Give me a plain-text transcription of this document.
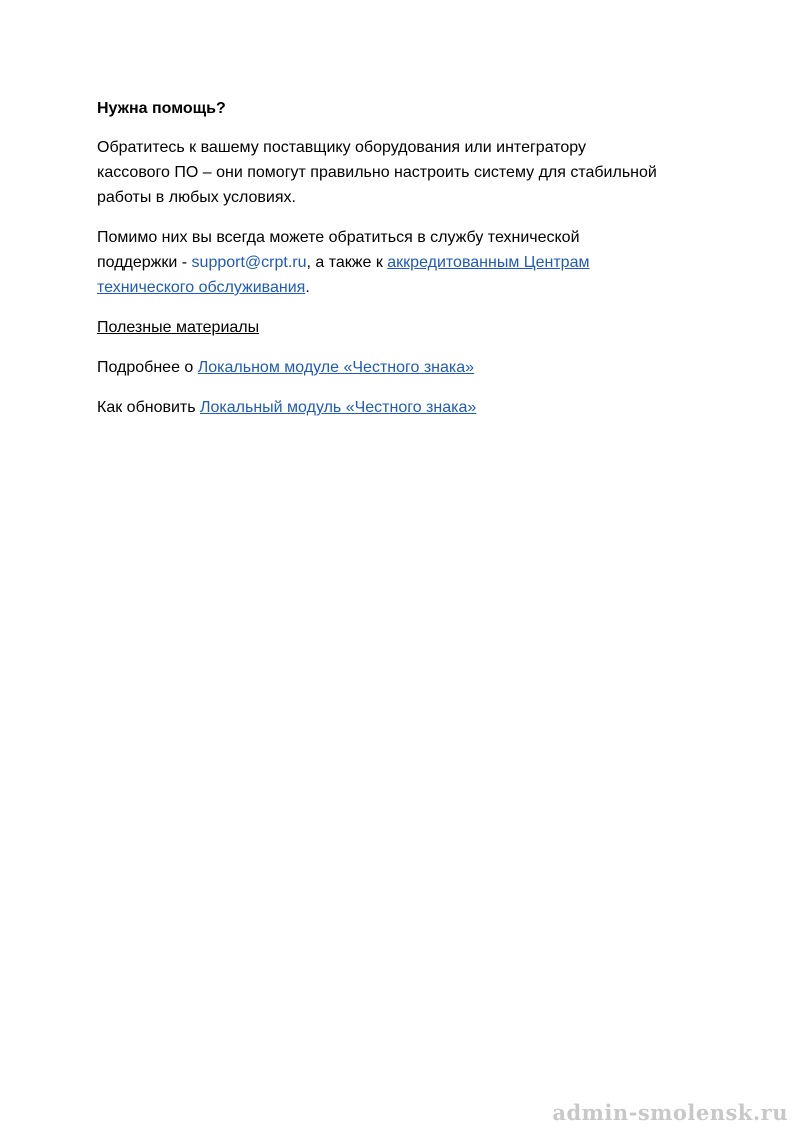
Нужна помощь?
Обратитесь к вашему поставщику оборудования или интегратору
кассового ПО – они помогут правильно настроить систему для стабильной
работы в любых условиях.
Помимо них вы всегда можете обратиться в службу технической
поддержки - support@crpt.ru, а также к аккредитованным Центрам
технического обслуживания.
Полезные материалы
Подробнее о Локальном модуле «Честного знака»
Как обновить Локальный модуль «Честного знака»
admin-smolensk.ru
